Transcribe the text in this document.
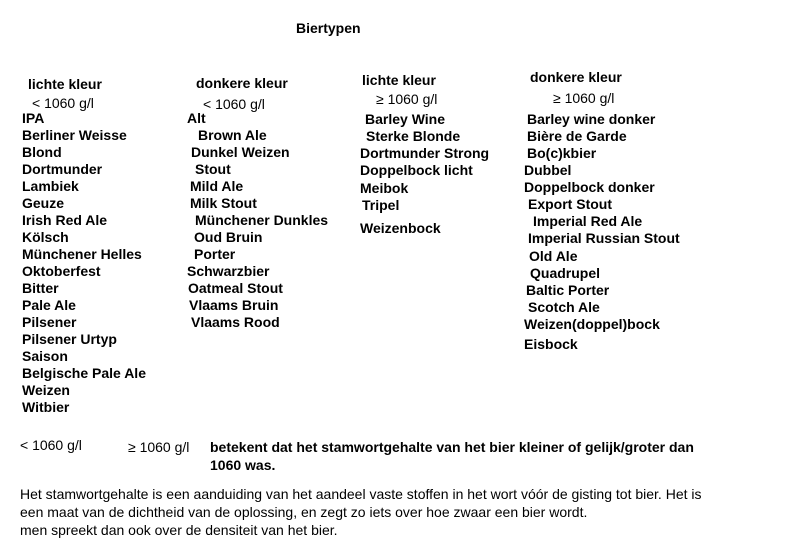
Biertypen
lichte kleur
< 1060 g/l
IPA
Berliner Weisse
Blond
Dortmunder
Lambiek
Geuze
Irish Red Ale
Kölsch
Münchener Helles
Oktoberfest
Bitter
Pale Ale
Pilsener
Pilsener Urtyp
Saison
Belgische Pale Ale
Weizen
Witbier
donkere kleur
< 1060 g/l
Alt
Brown Ale
Dunkel Weizen
Stout
Mild Ale
Milk Stout
Münchener Dunkles
Oud Bruin
Porter
Schwarzbier
Oatmeal Stout
Vlaams Bruin
Vlaams Rood
lichte kleur
≥ 1060 g/l
Barley Wine
Sterke Blonde
Dortmunder Strong
Doppelbock licht
Meibok
Tripel
Weizenbock
donkere kleur
≥ 1060 g/l
Barley wine donker
Bière de Garde
Bo(c)kbier
Dubbel
Doppelbock donker
Export Stout
Imperial Red Ale
Imperial Russian Stout
Old Ale
Quadrupel
Baltic Porter
Scotch Ale
Weizen(doppel)bock
Eisbock
< 1060 g/l	≥ 1060 g/l betekent dat het stamwortgehalte van het bier kleiner of gelijk/groter dan
1060 was.
Het stamwortgehalte is een aanduiding van het aandeel vaste stoffen in het wort vóór de gisting tot bier. Het is
een maat van de dichtheid van de oplossing, en zegt zo iets over hoe zwaar een bier wordt.
men spreekt dan ook over de densiteit van het bier.
